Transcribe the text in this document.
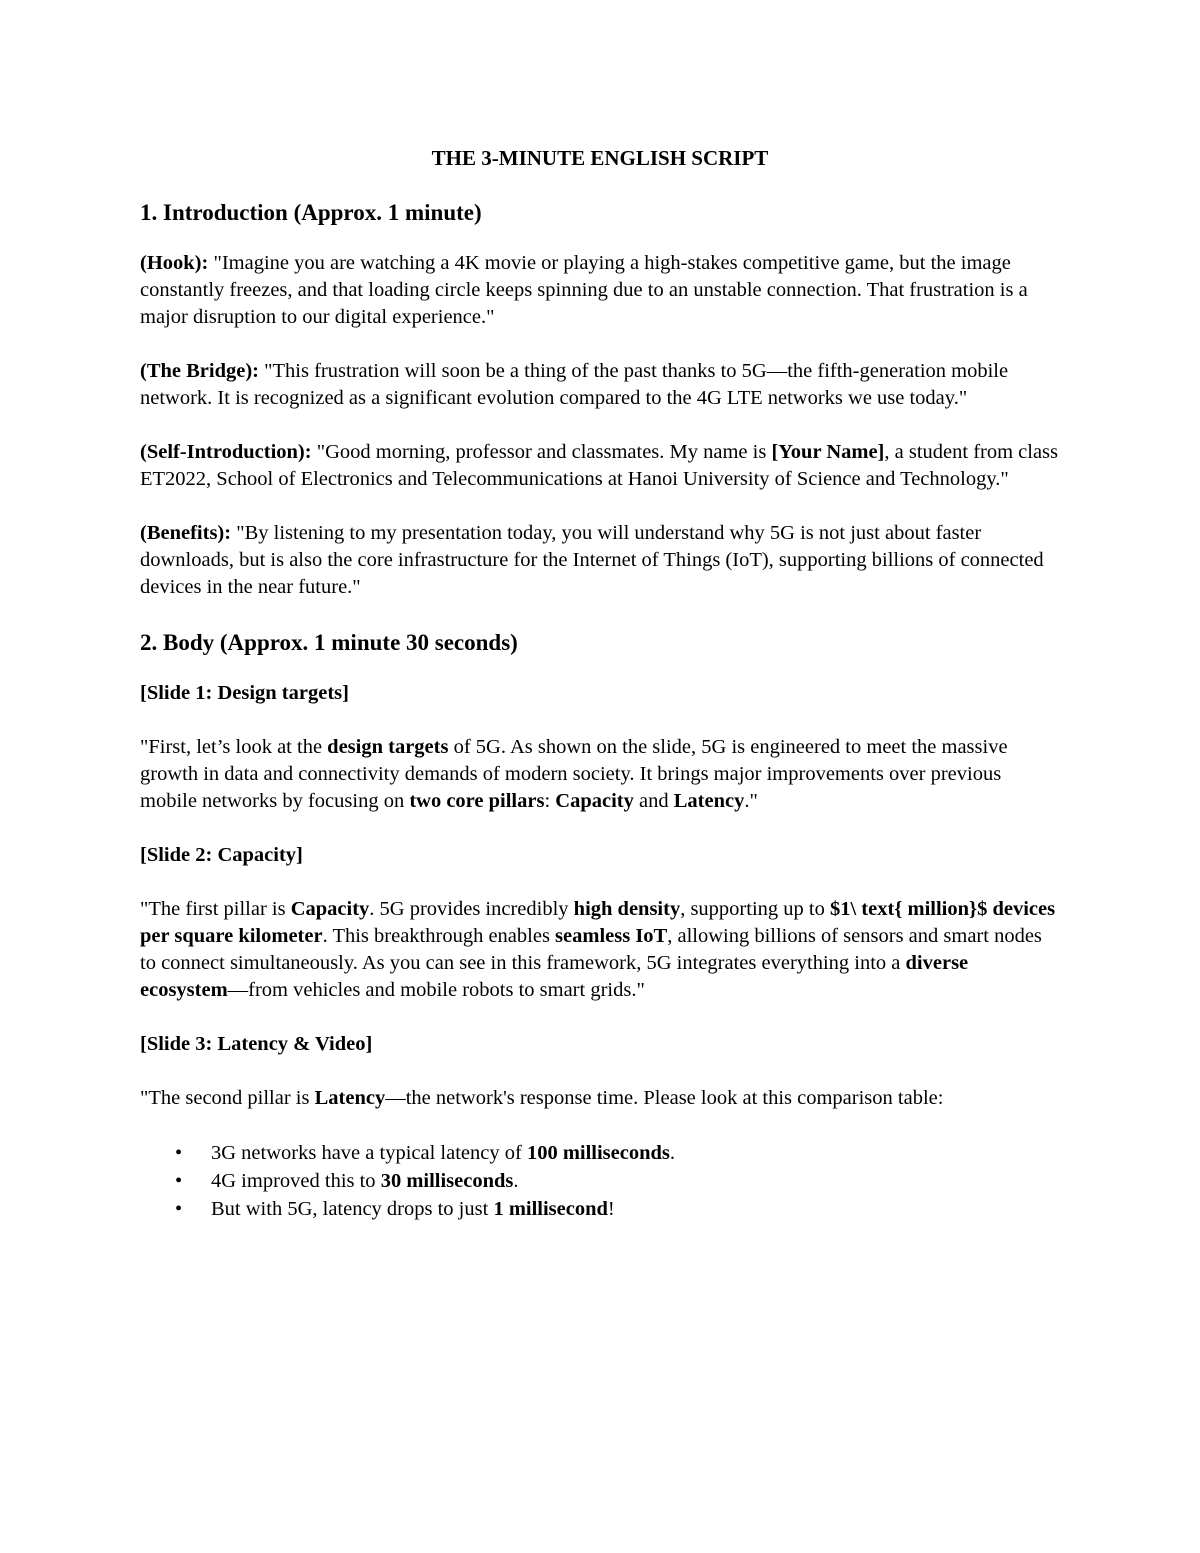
THE 3-MINUTE ENGLISH SCRIPT
1. Introduction (Approx. 1 minute)

(Hook): "Imagine you are watching a 4K movie or playing a high-stakes competitive game, but the image constantly freezes, and that loading circle keeps spinning due to an unstable connection. That frustration is a major disruption to our digital experience."

(The Bridge): "This frustration will soon be a thing of the past thanks to 5G—the fifth-generation mobile network. It is recognized as a significant evolution compared to the 4G LTE networks we use today."

(Self-Introduction): "Good morning, professor and classmates. My name is [Your Name], a student from class ET2022, School of Electronics and Telecommunications at Hanoi University of Science and Technology."

(Benefits): "By listening to my presentation today, you will understand why 5G is not just about faster downloads, but is also the core infrastructure for the Internet of Things (IoT), supporting billions of connected devices in the near future."

2. Body (Approx. 1 minute 30 seconds)

[Slide 1: Design targets]

"First, let’s look at the design targets of 5G. As shown on the slide, 5G is engineered to meet the massive growth in data and connectivity demands of modern society. It brings major improvements over previous mobile networks by focusing on two core pillars: Capacity and Latency."

[Slide 2: Capacity]

"The first pillar is Capacity. 5G provides incredibly high density, supporting up to $1\ text{ million}$ devices per square kilometer. This breakthrough enables seamless IoT, allowing billions of sensors and smart nodes to connect simultaneously. As you can see in this framework, 5G integrates everything into a diverse ecosystem—from vehicles and mobile robots to smart grids."

[Slide 3: Latency & Video]

"The second pillar is Latency—the network's response time. Please look at this comparison table:

• 3G networks have a typical latency of 100 milliseconds.
• 4G improved this to 30 milliseconds.
• But with 5G, latency drops to just 1 millisecond!
